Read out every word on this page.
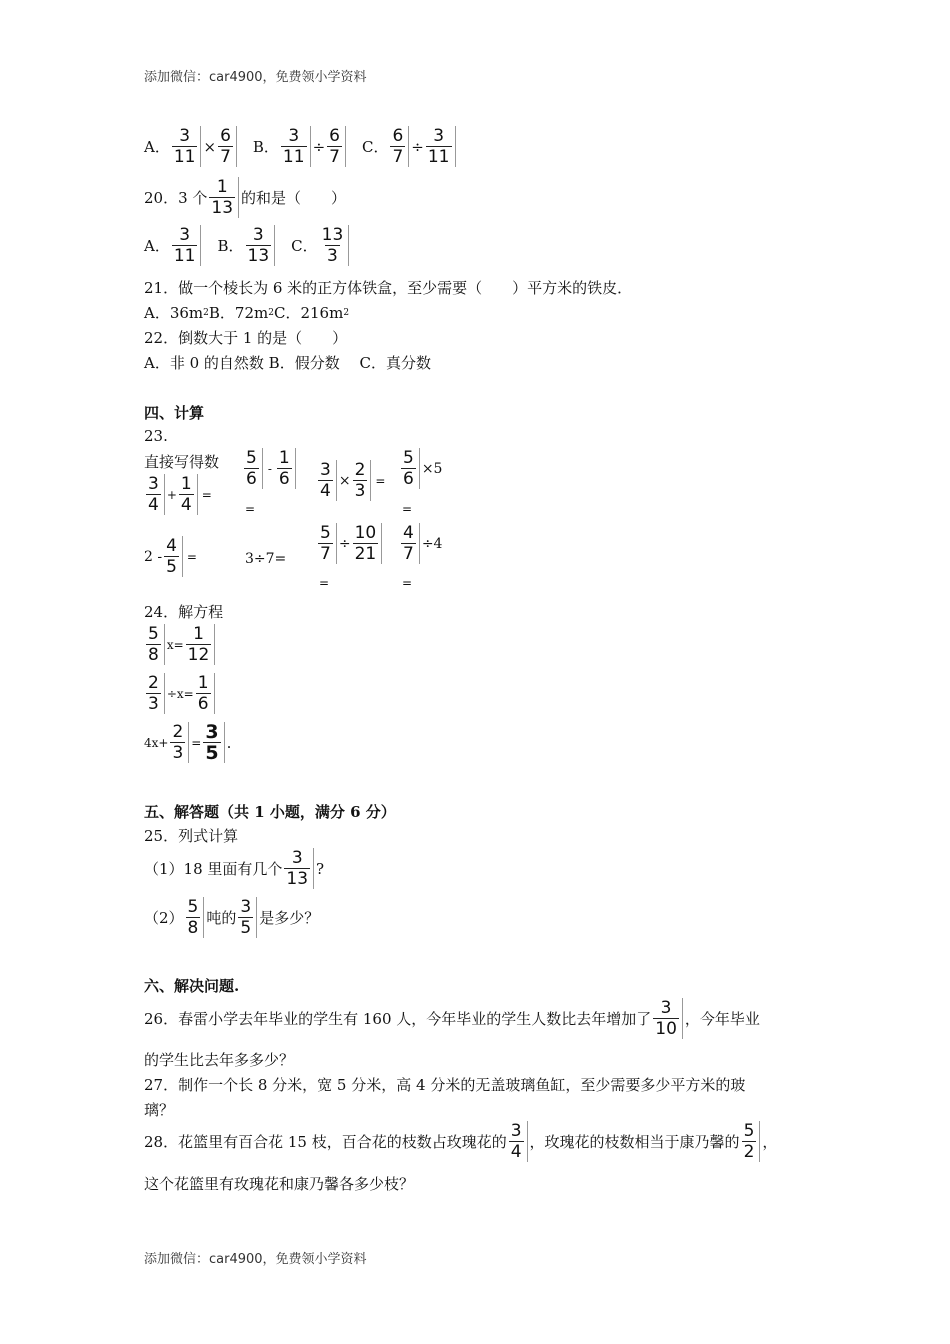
添加微信：car4900，免费领小学资料
A． $\frac{3}{11} \times \frac{6}{7}$ B． $\frac{3}{11} \div \frac{6}{7}$ C． $\frac{6}{7} \div \frac{3}{11}$
20．3 个 $\frac{1}{13}$ 的和是（　　）
A． $\frac{3}{11}$ B． $\frac{3}{13}$ C． $\frac{13}{3}$
21．做一个棱长为 6 米的正方体铁盒，至少需要（　　）平方米的铁皮．
A．36m 2 B．72m 2 C．216m 2
22．倒数大于 1 的是（　　）
A．非 0 的自然数 B．假分数 　C．真分数
四、计算
23.
直接写得数
$\frac{3}{4} + \frac{1}{4}$ =
$\frac{5}{6} - \frac{1}{6}$
=
$\frac{3}{4} \times \frac{2}{3} = \frac{5}{6} \times 5$
=
$2 - \frac{4}{5}$ =	$3\div 7= \frac{5}{7} \div \frac{10}{21}$
=
$\frac{4}{7} \div 4$
=
24．解方程
$\frac{5}{8} x= \frac{1}{12}$
$\frac{2}{3} \div x= \frac{1}{6}$
$4x+ \frac{2}{3} = \frac{3}{5}$ .
五、解答题（共 1 小题，满分 6 分）
25．列式计算
（1）18 里面有几个 $\frac{3}{13}$ ?
$(2) \frac{5}{8}$ 吨的 $\frac{3}{5}$ 是多少？
六、解决问题.
26．春雷小学去年毕业的学生有 160 人，今年毕业的学生人数比去年增加了 $\frac{3}{10}$ ，今年毕业
的学生比去年多多少？
27．制作一个长 8 分米，宽 5 分米，高 4 分米的无盖玻璃鱼缸，至少需要多少平方米的玻
璃？
28．花篮里有百合花 15 枝，百合花的枝数占玫瑰花的 $\frac{3}{4}$ ，玫瑰花的枝数相当于康乃馨的 $\frac{5}{2}$ ，
这个花篮里有玫瑰花和康乃馨各多少枝？
添加微信：car4900，免费领小学资料
